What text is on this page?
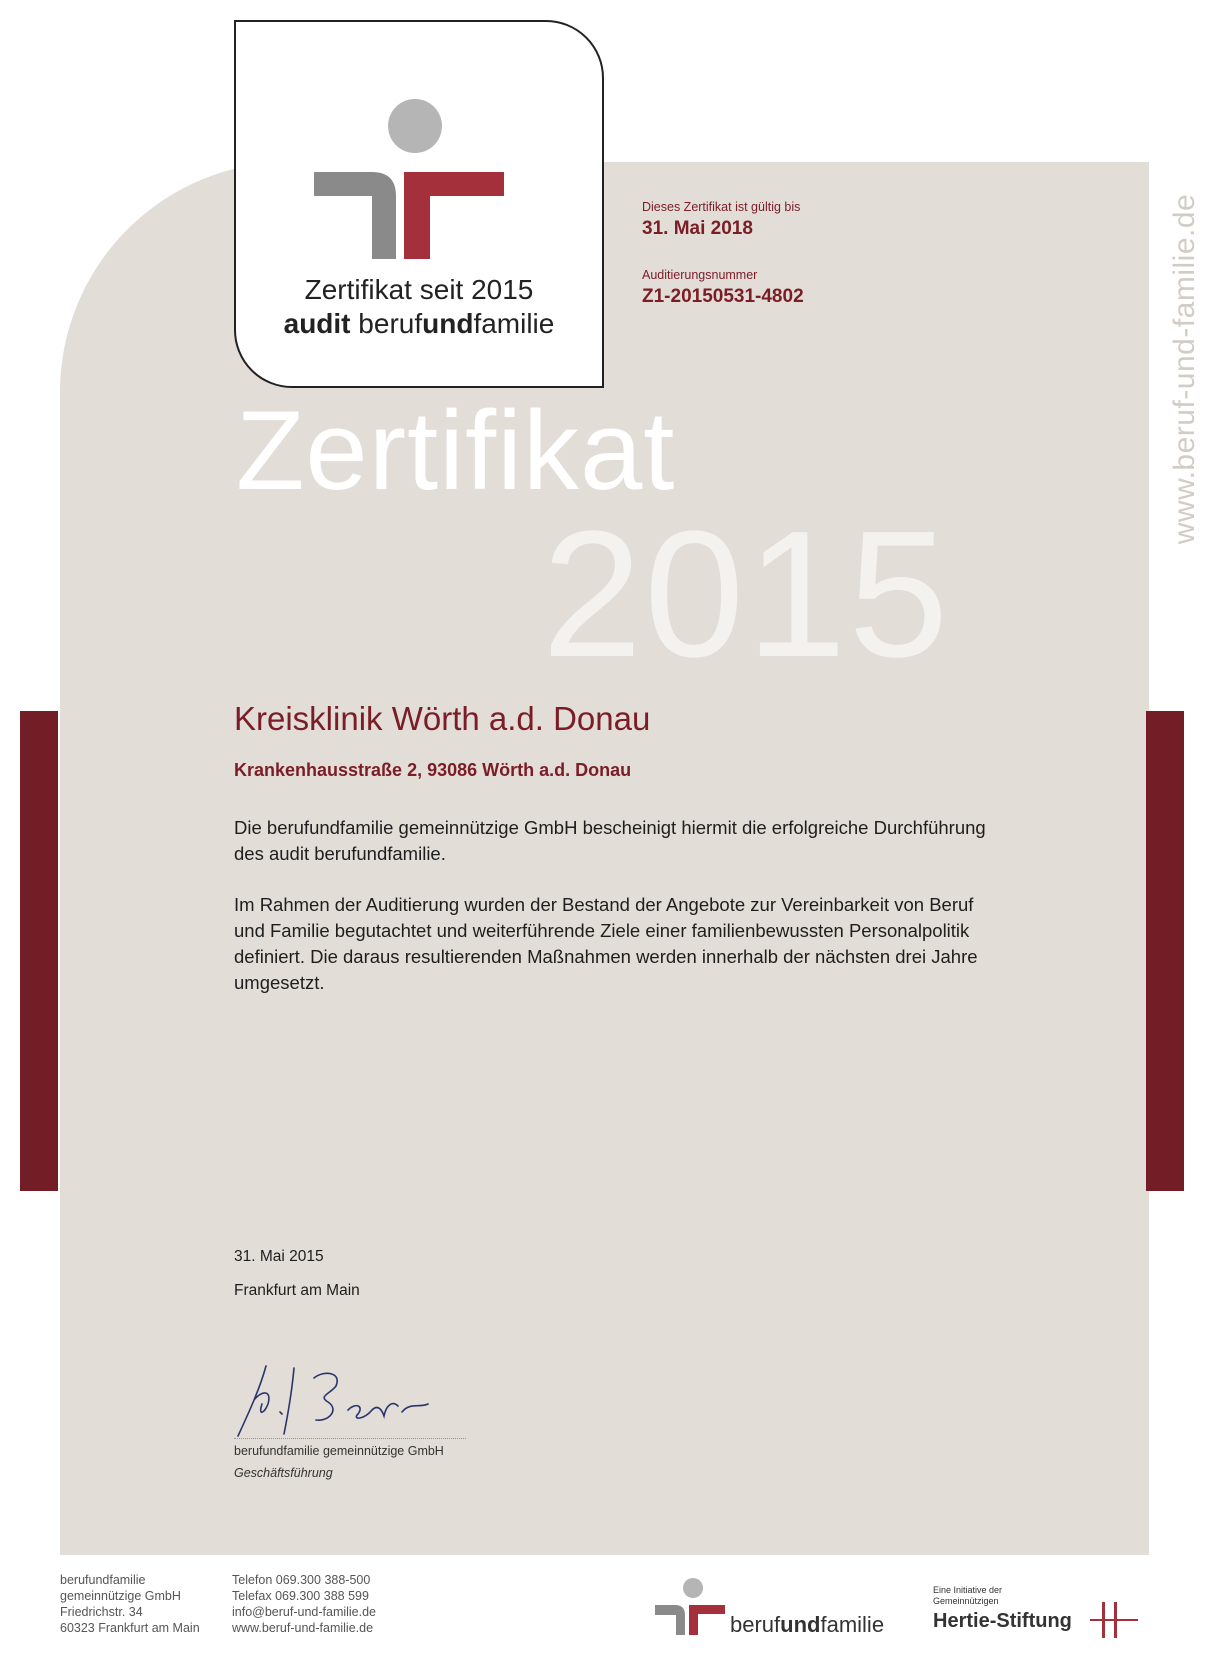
www.beruf-und-familie.de
Zertifikat seit 2015
audit berufundfamilie
Dieses Zertifikat ist gültig bis
31. Mai 2018
Auditierungsnummer
Z1-20150531-4802
Zertifikat
2015
Kreisklinik Wörth a.d. Donau
Krankenhausstraße 2, 93086 Wörth a.d. Donau
Die berufundfamilie gemeinnützige GmbH bescheinigt hiermit die erfolgreiche Durchführung des audit berufundfamilie.
Im Rahmen der Auditierung wurden der Bestand der Angebote zur Vereinbarkeit von Beruf und Familie begutachtet und weiterführende Ziele einer familienbewussten Personalpolitik definiert. Die daraus resultierenden Maßnahmen werden innerhalb der nächsten drei Jahre umgesetzt.
31. Mai 2015
Frankfurt am Main
berufundfamilie gemeinnützige GmbH
Geschäftsführung
berufundfamilie
gemeinnützige GmbH
Friedrichstr. 34
60323 Frankfurt am Main
Telefon 069.300 388-500
Telefax 069.300 388 599
info@beruf-und-familie.de
www.beruf-und-familie.de	berufundfamilie
Eine Initiative der
Gemeinnützigen
Hertie-Stiftung
